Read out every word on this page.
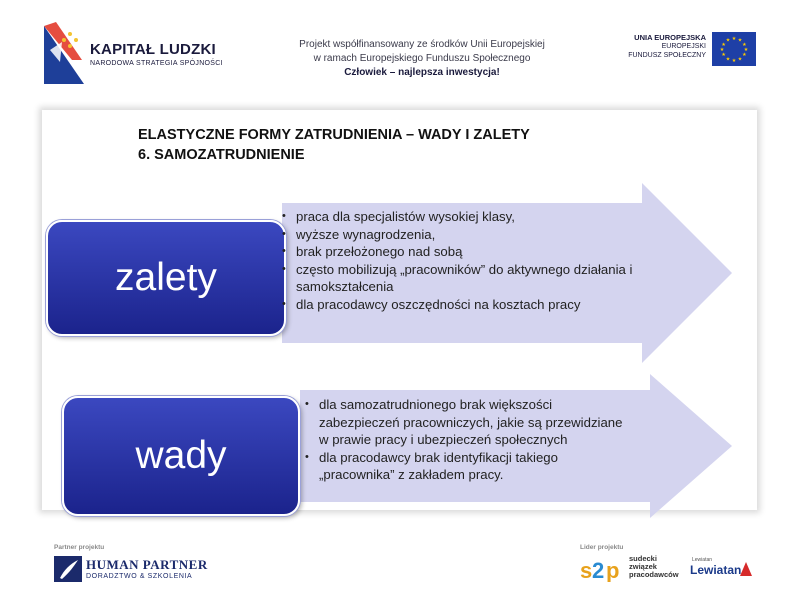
KAPITAŁ LUDZKI
NARODOWA STRATEGIA SPÓJNOŚCI
Projekt współfinansowany ze środków Unii Europejskiej
w ramach Europejskiego Funduszu Społecznego
Człowiek – najlepsza inwestycja!
UNIA EUROPEJSKA
EUROPEJSKI
FUNDUSZ SPOŁECZNY
★ ★
★
★
★
★
★
★
★
★
★
★
ELASTYCZNE FORMY ZATRUDNIENIA – WADY I ZALETY
6. SAMOZATRUDNIENIE
zalety
wady
• praca dla specjalistów wysokiej klasy,
• wyższe wynagrodzenia,
• brak przełożonego nad sobą
• często mobilizują „pracowników” do aktywnego działania i samokształcenia
• dla pracodawcy oszczędności na kosztach pracy
• dla samozatrudnionego brak większości zabezpieczeń pracowniczych, jakie są przewidziane w prawie pracy i ubezpieczeń społecznych
• dla pracodawcy brak identyfikacji takiego „pracownika” z zakładem pracy.
Partner projektu
HUMAN PARTNER
DORADZTWO & SZKOLENIA
Lider projektu
s 2 p sudecki
związek
pracodawców
Lewiatan
Lewiatan
